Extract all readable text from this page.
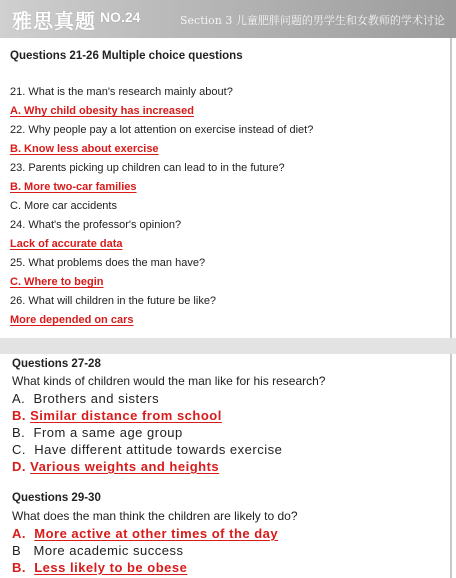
雅思真题 NO.24	Section 3 儿童肥胖问题的男学生和女教师的学术讨论
Questions 21-26 Multiple choice questions
21. What is the man's research mainly about?
A. Why child obesity has increased
22. Why people pay a lot attention on exercise instead of diet?
B. Know less about exercise
23. Parents picking up children can lead to in the future?
B. More two-car families
C. More car accidents
24. What's the professor's opinion?
Lack of accurate data
25. What problems does the man have?
C. Where to begin
26. What will children in the future be like?
More depended on cars
Questions 27-28
What kinds of children would the man like for his research?
A. Brothers and sisters
B. Similar distance from school
B. From a same age group
C. Have different attitude towards exercise
D. Various weights and heights
Questions 29-30
What does the man think the children are likely to do?
A. More active at other times of the day
B More academic success
B. Less likely to be obese
